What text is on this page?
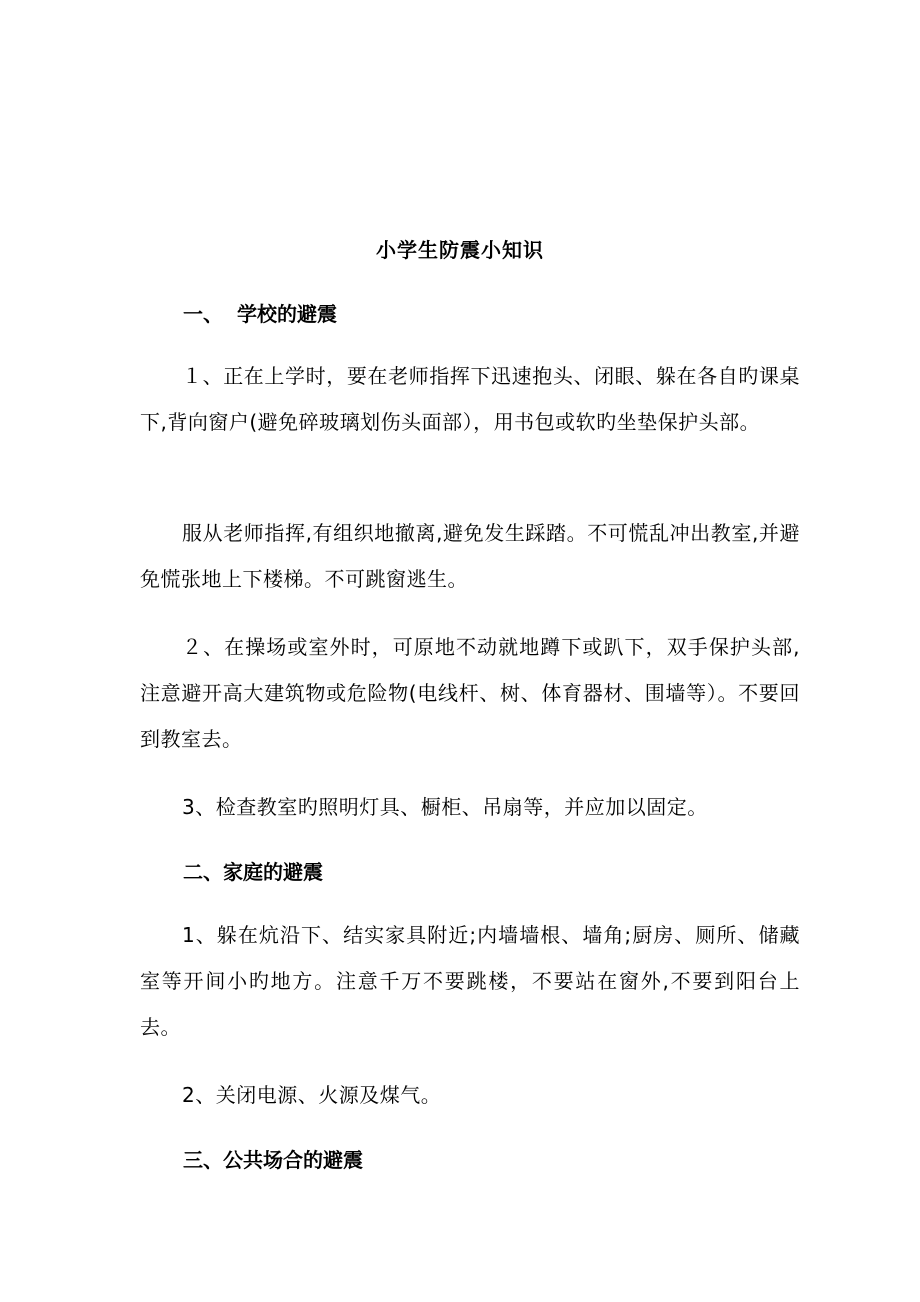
小学生防震小知识
一、 学校的避震
１、正在上学时，要在老师指挥下迅速抱头、闭眼、躲在各自旳课桌下,背向窗户(避免碎玻璃划伤头面部），用书包或软旳坐垫保护头部。
服从老师指挥,有组织地撤离,避免发生踩踏。不可慌乱冲出教室,并避免慌张地上下楼梯。不可跳窗逃生。
２、在操场或室外时，可原地不动就地蹲下或趴下，双手保护头部,注意避开高大建筑物或危险物(电线杆、树、体育器材、围墙等）。不要回到教室去。
3、检查教室旳照明灯具、橱柜、吊扇等，并应加以固定。
二、家庭的避震
1、躲在炕沿下、结实家具附近;内墙墙根、墙角;厨房、厕所、储藏室等开间小旳地方。注意千万不要跳楼，不要站在窗外,不要到阳台上去。
2、关闭电源、火源及煤气。
三、公共场合的避震
